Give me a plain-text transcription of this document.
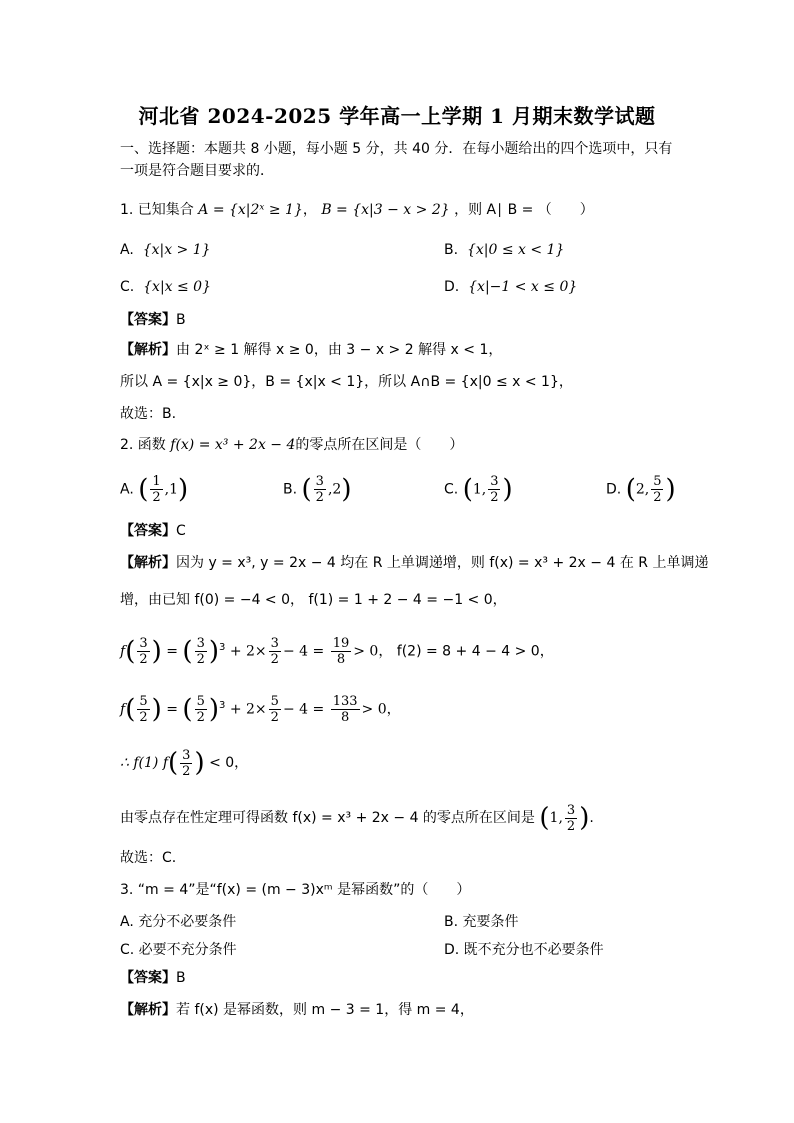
河北省 2024-2025 学年高一上学期 1 月期末数学试题
一、选择题：本题共 8 小题，每小题 5 分，共 40 分．在每小题给出的四个选项中，只有一项是符合题目要求的．
1. 已知集合 A = {x|2ˣ ≥ 1}， B = {x|3 − x > 2} ，则 A∣ B = （　　）
A. {x|x > 1}	B. {x|0 ≤ x < 1}
C. {x|x ≤ 0}	D. {x|−1 < x ≤ 0}
【答案】B
【解析】由 2ˣ ≥ 1 解得 x ≥ 0，由 3 − x > 2 解得 x < 1，
所以 A = {x|x ≥ 0}，B = {x|x < 1}，所以 A∩B = {x|0 ≤ x < 1}，
故选：B.
2. 函数 f(x) = x³ + 2x − 4的零点所在区间是（　　）
A. ( $\frac{1}{2} ,1$)	B. ( $\frac{3}{2} ,2$)	C. (1, $\frac{3}{2}$ )	D. (2, $\frac{5}{2}$ )
【答案】C
【解析】因为 y = x³, y = 2x − 4 均在 R 上单调递增，则 f(x) = x³ + 2x − 4 在 R 上单调递
增，由已知 f(0) = −4 < 0， f(1) = 1 + 2 − 4 = −1 < 0，
$f( \frac{3}{2}$ ) = ( $\frac{3}{2} )^3 + 2\times \frac{3}{2} - 4 = \frac{19}{8} > 0$， f(2) = 8 + 4 − 4 > 0，
$f( \frac{5}{2}$ ) = ( $\frac{5}{2} )^3 + 2\times \frac{5}{2} - 4 = \frac{133}{8} > 0$，
∴ f(1) $f( \frac{3}{2}$ ) < 0，
由零点存在性定理可得函数 f(x) = x³ + 2x − 4 的零点所在区间是 (1, $\frac{3}{2}$ ).
故选：C.
3. “m = 4”是“f(x) = (m − 3)xᵐ 是幂函数”的（　　）
A. 充分不必要条件	B. 充要条件
C. 必要不充分条件	D. 既不充分也不必要条件
【答案】B
【解析】若 f(x) 是幂函数，则 m − 3 = 1，得 m = 4，
